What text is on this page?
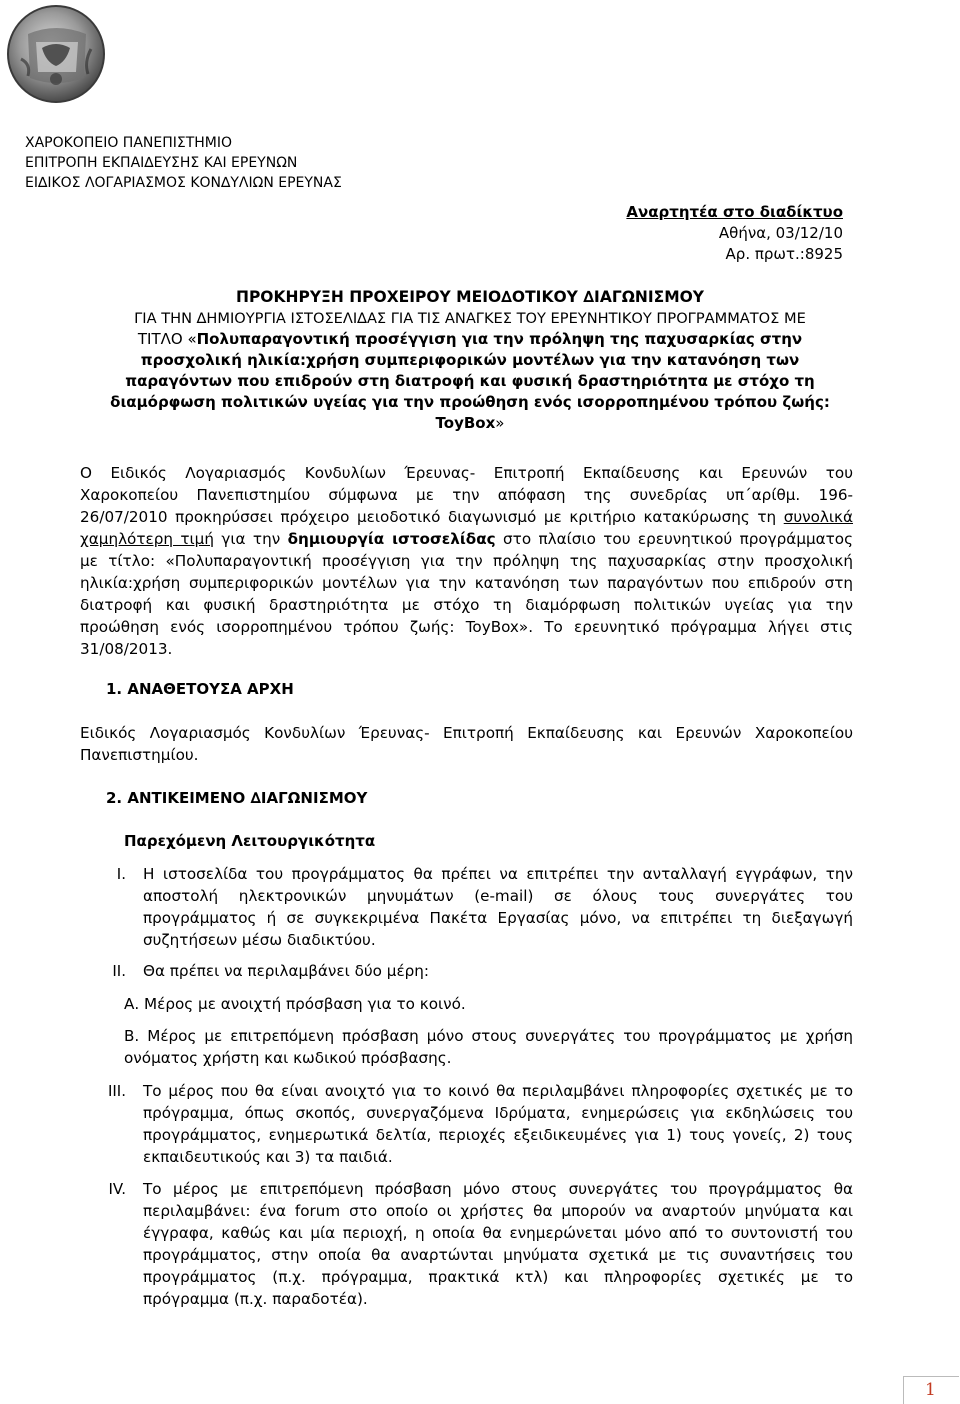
ΧΑΡΟΚΟΠΕΙΟ ΠΑΝΕΠΙΣΤΗΜΙΟ
ΕΠΙΤΡΟΠΗ ΕΚΠΑΙ∆ΕΥΣΗΣ ΚΑΙ ΕΡΕΥΝΩΝ
ΕΙ∆ΙΚΟΣ ΛΟΓΑΡΙΑΣΜΟΣ ΚΟΝ∆ΥΛΙΩΝ ΕΡΕΥΝΑΣ
Αναρτητέα στο διαδίκτυο
Αθήνα, 03/12/10
Αρ. πρωτ.:8925
ΠΡΟΚΗΡΥΞΗ ΠΡΟΧΕΙΡΟΥ ΜΕΙΟ∆ΟΤΙΚΟΥ ∆ΙΑΓΩΝΙΣΜΟΥ
ΓΙΑ ΤΗΝ ∆ΗΜΙΟΥΡΓΙΑ ΙΣΤΟΣΕΛΙ∆ΑΣ ΓΙΑ ΤΙΣ ΑΝΑΓΚΕΣ ΤΟΥ ΕΡΕΥΝΗΤΙΚΟΥ ΠΡΟΓΡΑΜΜΑΤΟΣ ΜΕ
ΤΙΤΛΟ «Πολυπαραγοντική προσέγγιση για την πρόληψη της παχυσαρκίας στην
προσχολική ηλικία:χρήση συμπεριφορικών μοντέλων για την κατανόηση των
παραγόντων που επιδρούν στη διατροφή και φυσική δραστηριότητα με στόχο τη
διαμόρφωση πολιτικών υγείας για την προώθηση ενός ισορροπημένου τρόπου ζωής:
ToyBox»
Ο Ειδικός Λογαριασμός Κονδυλίων Έρευνας- Επιτροπή Εκπαίδευσης και Ερευνών του
Χαροκοπείου Πανεπιστημίου σύμφωνα με την απόφαση της συνεδρίας υπ΄αρίθμ. 196-
26/07/2010 προκηρύσσει πρόχειρο μειοδοτικό διαγωνισμό με κριτήριο κατακύρωσης τη συνολικά
χαμηλότερη τιμή για την δημιουργία ιστοσελίδας στο πλαίσιο του ερευνητικού προγράμματος
με τίτλο: «Πολυπαραγοντική προσέγγιση για την πρόληψη της παχυσαρκίας στην προσχολική
ηλικία:χρήση συμπεριφορικών μοντέλων για την κατανόηση των παραγόντων που επιδρούν στη
διατροφή και φυσική δραστηριότητα με στόχο τη διαμόρφωση πολιτικών υγείας για την
προώθηση ενός ισορροπημένου τρόπου ζωής: ToyBox». Το ερευνητικό πρόγραμμα λήγει στις
31/08/2013.
1. ΑΝΑΘΕΤΟΥΣΑ ΑΡΧΗ
Ειδικός Λογαριασμός Κονδυλίων Έρευνας- Επιτροπή Εκπαίδευσης και Ερευνών Χαροκοπείου
Πανεπιστημίου.
2. ΑΝΤΙΚΕΙΜΕΝΟ ∆ΙΑΓΩΝΙΣΜΟΥ
Παρεχόμενη Λειτουργικότητα
I. Η ιστοσελίδα του προγράμματος θα πρέπει να επιτρέπει την ανταλλαγή εγγράφων, την
αποστολή ηλεκτρονικών μηνυμάτων (e-mail) σε όλους τους συνεργάτες του
προγράμματος ή σε συγκεκριμένα Πακέτα Εργασίας μόνο, να επιτρέπει τη διεξαγωγή
συζητήσεων μέσω διαδικτύου.
II. Θα πρέπει να περιλαμβάνει δύο μέρη:
Α. Μέρος με ανοιχτή πρόσβαση για το κοινό.
Β. Μέρος με επιτρεπόμενη πρόσβαση μόνο στους συνεργάτες του προγράμματος με χρήση
ονόματος χρήστη και κωδικού πρόσβασης.
III. Το μέρος που θα είναι ανοιχτό για το κοινό θα περιλαμβάνει πληροφορίες σχετικές με το
πρόγραμμα, όπως σκοπός, συνεργαζόμενα Ιδρύματα, ενημερώσεις για εκδηλώσεις του
προγράμματος, ενημερωτικά δελτία, περιοχές εξειδικευμένες για 1) τους γονείς, 2) τους
εκπαιδευτικούς και 3) τα παιδιά.
IV. Το μέρος με επιτρεπόμενη πρόσβαση μόνο στους συνεργάτες του προγράμματος θα
περιλαμβάνει: ένα forum στο οποίο οι χρήστες θα μπορούν να αναρτούν μηνύματα και
έγγραφα, καθώς και μία περιοχή, η οποία θα ενημερώνεται μόνο από το συντονιστή του
προγράμματος, στην οποία θα αναρτώνται μηνύματα σχετικά με τις συναντήσεις του
προγράμματος (π.χ. πρόγραμμα, πρακτικά κτλ) και πληροφορίες σχετικές με το
πρόγραμμα (π.χ. παραδοτέα).
1
